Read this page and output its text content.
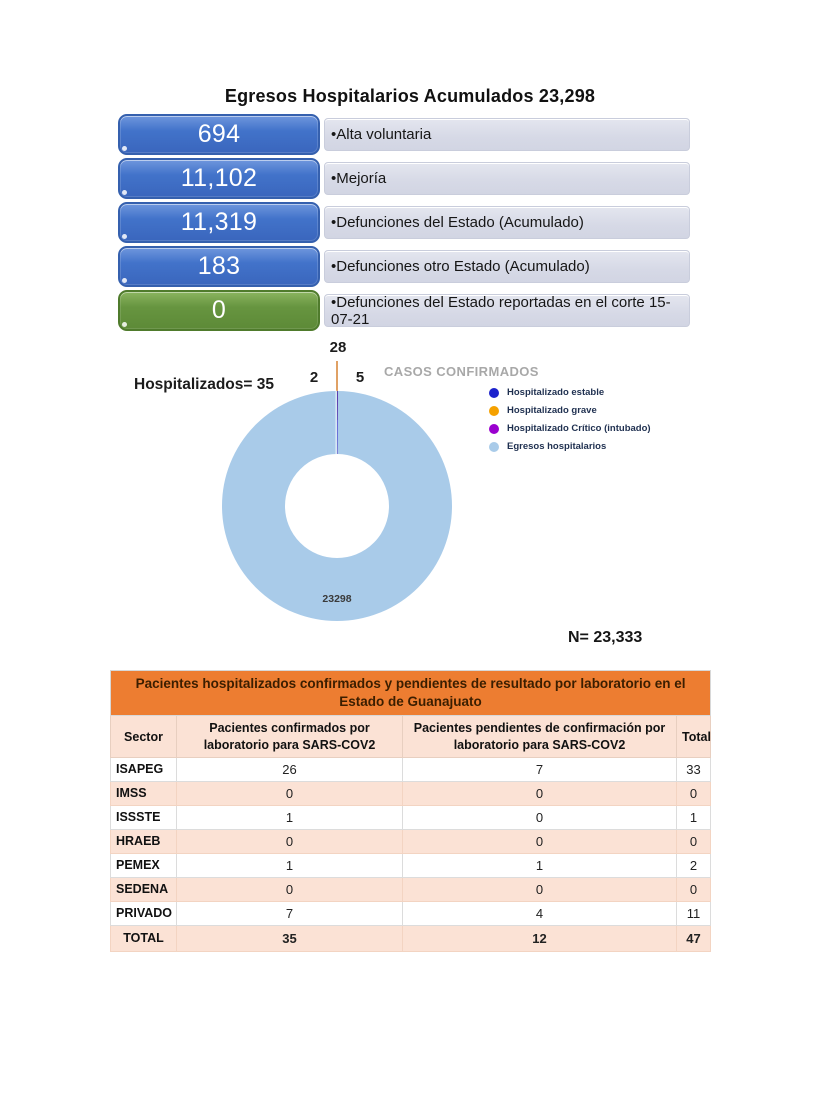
Egresos Hospitalarios Acumulados 23,298
694	•Alta voluntaria
11,102	•Mejoría
11,319	•Defunciones del Estado (Acumulado)
183	•Defunciones otro Estado (Acumulado)
0	•Defunciones del Estado reportadas en el corte 15-07-21
Hospitalizados= 35
28
2	5
23298
CASOS CONFIRMADOS
Hospitalizado estable
Hospitalizado grave
Hospitalizado Crítico (intubado)
Egresos hospitalarios
N= 23,333
Pacientes hospitalizados confirmados y pendientes de resultado por laboratorio en el Estado de Guanajuato			
Sector	Pacientes confirmados por laboratorio para SARS-COV2	Pacientes pendientes de confirmación por laboratorio para SARS-COV2	Total
ISAPEG	26	7	33
IMSS	0	0	0
ISSSTE	1	0	1
HRAEB	0	0	0
PEMEX	1	1	2
SEDENA	0	0	0
PRIVADO	7	4	11
TOTAL	35	12	47
